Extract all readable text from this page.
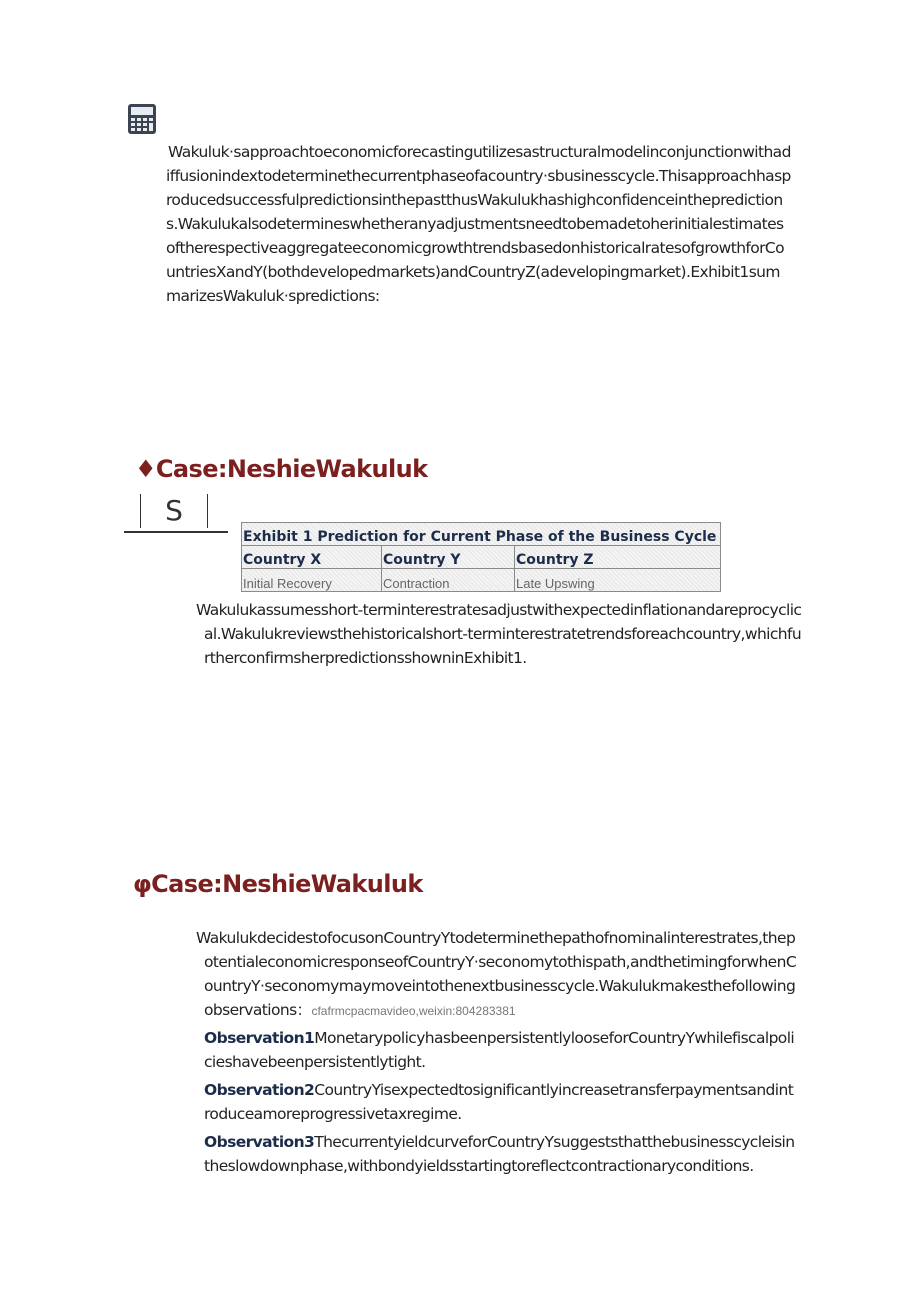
Wakuluk·sapproachtoeconomicforecastingutilizesastructuralmodelinconjunctionwithadiffusionindextodeterminethecurrentphaseofacountry·sbusinesscycle.ThisapproachhasproducedsuccessfulpredictionsinthepastthusWakulukhashighconfidenceinthepredictions.WakulukalsodetermineswhetheranyadjustmentsneedtobemadetoherinitialestimatesoftherespectiveaggregateeconomicgrowthtrendsbasedonhistoricalratesofgrowthforCountriesXandY(bothdevelopedmarkets)andCountryZ(adevelopingmarket).Exhibit1summarizesWakuluk·spredictions:
♦Case:NeshieWakuluk
S
Exhibit 1 Prediction for Current Phase of the Business Cycle		
Country X	Country Y	Country Z
Initial Recovery	Contraction	Late Upswing
Wakulukassumesshort-terminterestratesadjustwithexpectedinflationandareprocyclical.Wakulukreviewsthehistoricalshort-terminterestratetrendsforeachcountry,whichfurtherconfirmsherpredictionsshowninExhibit1.
φCase:NeshieWakuluk
WakulukdecidestofocusonCountryYtodeterminethepathofnominalinterestrates,thepotentialeconomicresponseofCountryY·seconomytothispath,andthetimingforwhenCountryY·seconomymaymoveintothenextbusinesscycle.Wakulukmakesthefollowingobservations：cfafrmcpacmavideo,weixin:804283381
Observation1MonetarypolicyhasbeenpersistentlylooseforCountryYwhilefiscalpolicieshavebeenpersistentlytight.
Observation2CountryYisexpectedtosignificantlyincreasetransferpaymentsandintroduceamoreprogressivetaxregime.
Observation3ThecurrentyieldcurveforCountryYsuggeststhatthebusinesscycleisintheslowdownphase,withbondyieldsstartingtoreflectcontractionaryconditions.
